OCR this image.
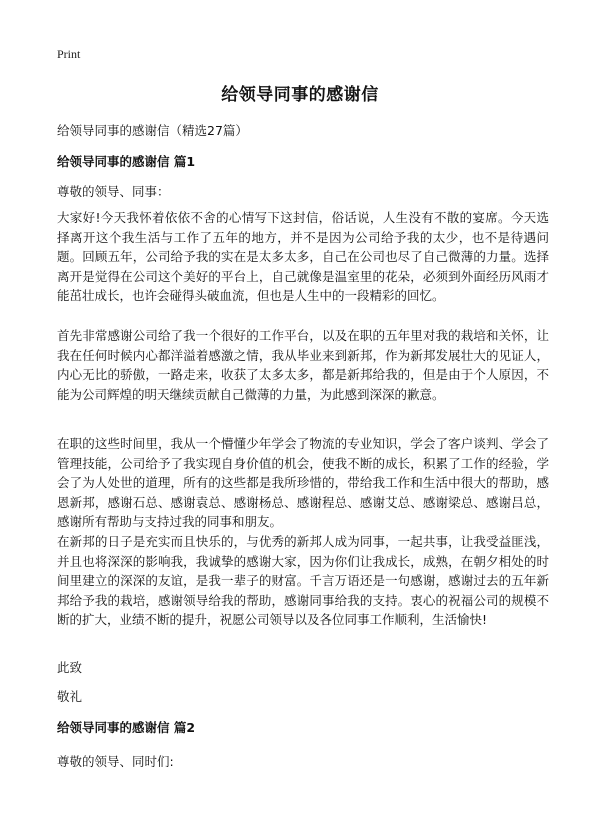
Print
给领导同事的感谢信
给领导同事的感谢信（精选27篇）
给领导同事的感谢信 篇1
尊敬的领导、同事：
大家好!今天我怀着依依不舍的心情写下这封信，俗话说，人生没有不散的宴席。今天选择离开这个我生活与工作了五年的地方，并不是因为公司给予我的太少，也不是待遇问题。回顾五年，公司给予我的实在是太多太多，自己在公司也尽了自己微薄的力量。选择离开是觉得在公司这个美好的平台上，自己就像是温室里的花朵，必须到外面经历风雨才能茁壮成长，也许会碰得头破血流，但也是人生中的一段精彩的回忆。
首先非常感谢公司给了我一个很好的工作平台，以及在职的五年里对我的栽培和关怀，让我在任何时候内心都洋溢着感激之情，我从毕业来到新邦，作为新邦发展壮大的见证人，内心无比的骄傲，一路走来，收获了太多太多，都是新邦给我的，但是由于个人原因，不能为公司辉煌的明天继续贡献自己微薄的力量，为此感到深深的歉意。
在职的这些时间里，我从一个懵懂少年学会了物流的专业知识，学会了客户谈判、学会了管理技能，公司给予了我实现自身价值的机会，使我不断的成长，积累了工作的经验，学会了为人处世的道理，所有的这些都是我所珍惜的，带给我工作和生活中很大的帮助，感恩新邦，感谢石总、感谢袁总、感谢杨总、感谢程总、感谢艾总、感谢梁总、感谢吕总，感谢所有帮助与支持过我的同事和朋友。
在新邦的日子是充实而且快乐的，与优秀的新邦人成为同事，一起共事，让我受益匪浅，并且也将深深的影响我，我诚挚的感谢大家，因为你们让我成长，成熟，在朝夕相处的时间里建立的深深的友谊，是我一辈子的财富。千言万语还是一句感谢，感谢过去的五年新邦给予我的栽培，感谢领导给我的帮助，感谢同事给我的支持。衷心的祝福公司的规模不断的扩大，业绩不断的提升，祝愿公司领导以及各位同事工作顺利，生活愉快!
此致
敬礼
给领导同事的感谢信 篇2
尊敬的领导、同时们:
